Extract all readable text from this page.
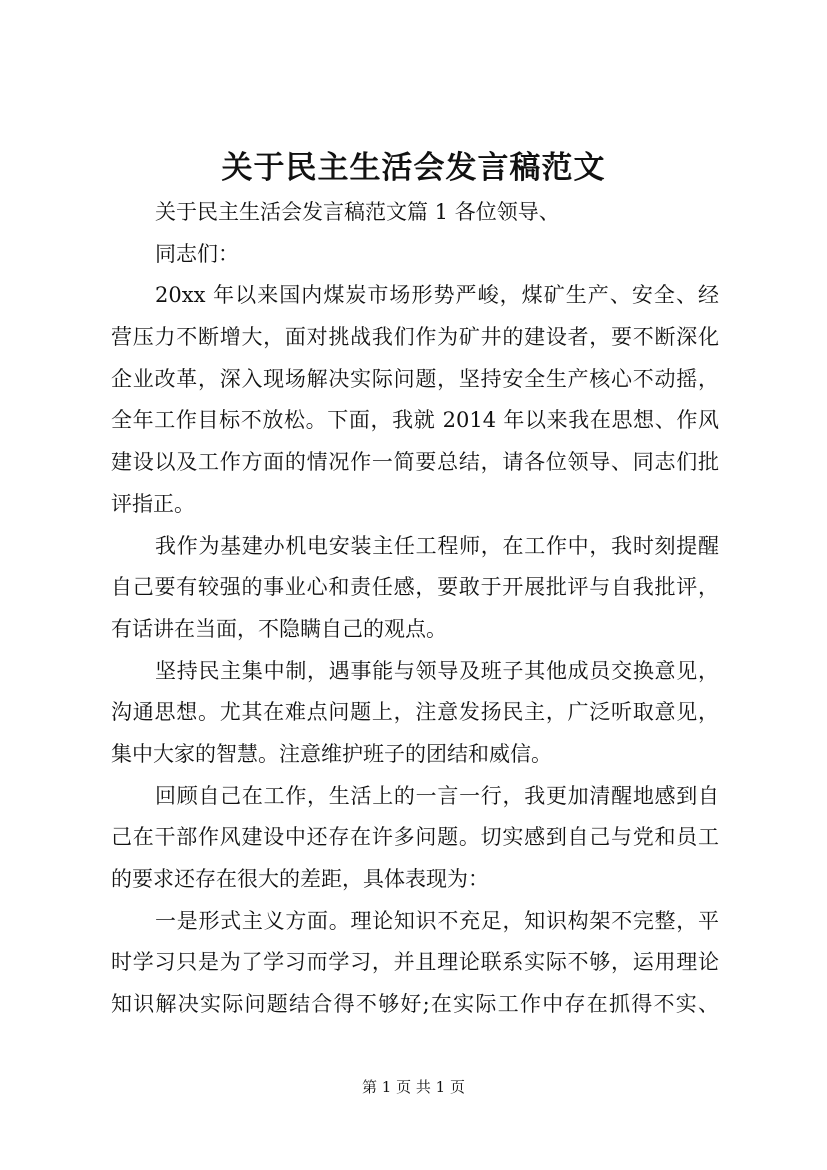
关于民主生活会发言稿范文
关于民主生活会发言稿范文篇 1 各位领导、
同志们：
20xx 年以来国内煤炭市场形势严峻，煤矿生产、安全、经
营压力不断增大，面对挑战我们作为矿井的建设者，要不断深化
企业改革，深入现场解决实际问题，坚持安全生产核心不动摇，
全年工作目标不放松。下面，我就 2014 年以来我在思想、作风
建设以及工作方面的情况作一简要总结，请各位领导、同志们批
评指正。
我作为基建办机电安装主任工程师，在工作中，我时刻提醒
自己要有较强的事业心和责任感，要敢于开展批评与自我批评，
有话讲在当面，不隐瞒自己的观点。
坚持民主集中制，遇事能与领导及班子其他成员交换意见，
沟通思想。尤其在难点问题上，注意发扬民主，广泛听取意见，
集中大家的智慧。注意维护班子的团结和威信。
回顾自己在工作，生活上的一言一行，我更加清醒地感到自
己在干部作风建设中还存在许多问题。切实感到自己与党和员工
的要求还存在很大的差距，具体表现为：
一是形式主义方面。理论知识不充足，知识构架不完整，平
时学习只是为了学习而学习，并且理论联系实际不够，运用理论
知识解决实际问题结合得不够好;在实际工作中存在抓得不实、
第 1 页 共 1 页
